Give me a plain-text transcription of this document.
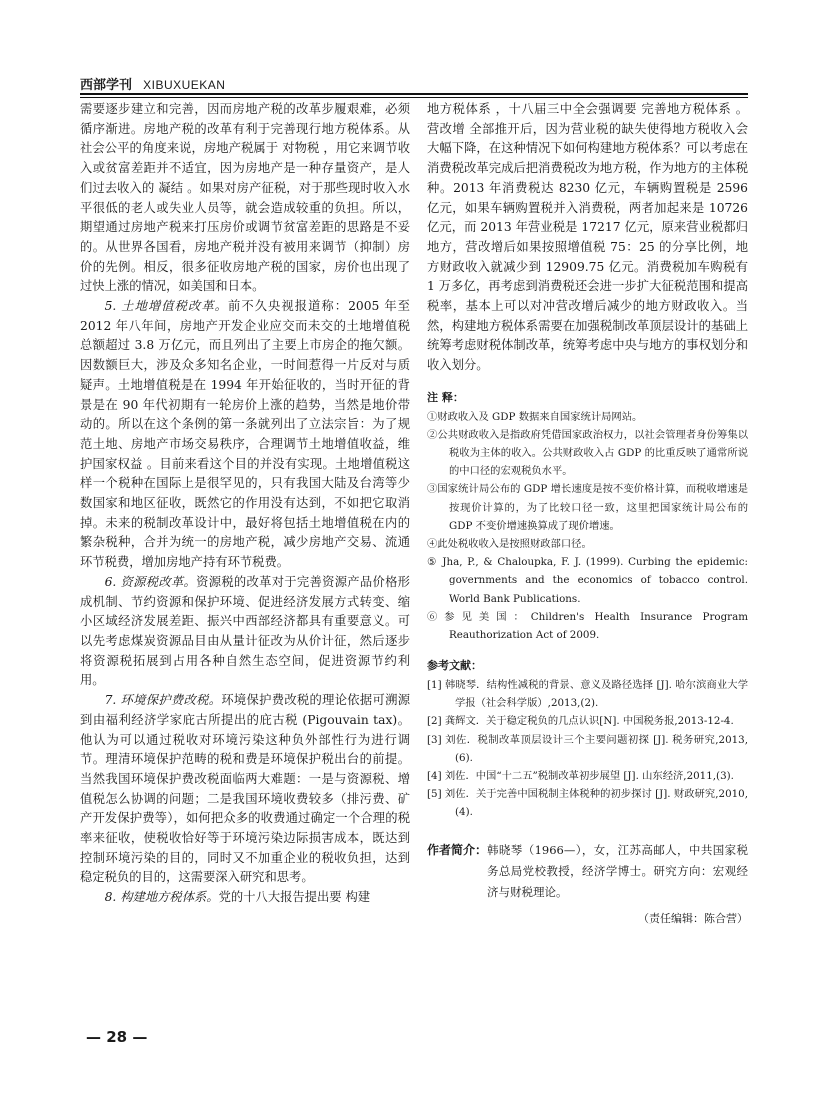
西部学刊 XIBUXUEKAN

需要逐步建立和完善，因而房地产税的改革步履艰难，必须循序渐进。房地产税的改革有利于完善现行地方税体系。从社会公平的角度来说，房地产税属于 对物税 ，用它来调节收入或贫富差距并不适宜，因为房地产是一种存量资产，是人们过去收入的 凝结 。如果对房产征税，对于那些现时收入水平很低的老人或失业人员等，就会造成较重的负担。所以，期望通过房地产税来打压房价或调节贫富差距的思路是不妥的。从世界各国看，房地产税并没有被用来调节（抑制）房价的先例。相反，很多征收房地产税的国家，房价也出现了过快上涨的情况，如美国和日本。

5. 土地增值税改革。前不久央视报道称：2005 年至 2012 年八年间，房地产开发企业应交而未交的土地增值税总额超过 3.8 万亿元，而且列出了主要上市房企的拖欠额。因数额巨大，涉及众多知名企业，一时间惹得一片反对与质疑声。土地增值税是在 1994 年开始征收的，当时开征的背景是在 90 年代初期有一轮房价上涨的趋势，当然是地价带动的。所以在这个条例的第一条就列出了立法宗旨：为了规范土地、房地产市场交易秩序，合理调节土地增值收益，维护国家权益 。目前来看这个目的并没有实现。土地增值税这样一个税种在国际上是很罕见的，只有我国大陆及台湾等少数国家和地区征收，既然它的作用没有达到，不如把它取消掉。未来的税制改革设计中，最好将包括土地增值税在内的繁杂税种，合并为统一的房地产税，减少房地产交易、流通环节税费，增加房地产持有环节税费。

6. 资源税改革。资源税的改革对于完善资源产品价格形成机制、节约资源和保护环境、促进经济发展方式转变、缩小区域经济发展差距、振兴中西部经济都具有重要意义。可以先考虑煤炭资源品目由从量计征改为从价计征，然后逐步将资源税拓展到占用各种自然生态空间，促进资源节约利用。

7. 环境保护费改税。环境保护费改税的理论依据可溯源到由福利经济学家庇古所提出的庇古税 (Pigouvain tax)。他认为可以通过税收对环境污染这种负外部性行为进行调节。理清环境保护范畴的税和费是环境保护税出台的前提。当然我国环境保护费改税面临两大难题：一是与资源税、增值税怎么协调的问题；二是我国环境收费较多（排污费、矿产开发保护费等），如何把众多的收费通过确定一个合理的税率来征收，使税收恰好等于环境污染边际损害成本，既达到控制环境污染的目的，同时又不加重企业的税收负担，达到稳定税负的目的，这需要深入研究和思考。

8. 构建地方税体系。党的十八大报告提出要 构建

地方税体系 ，十八届三中全会强调要 完善地方税体系 。 营改增 全部推开后，因为营业税的缺失使得地方税收入会大幅下降，在这种情况下如何构建地方税体系？可以考虑在消费税改革完成后把消费税改为地方税，作为地方的主体税种。2013 年消费税达 8230 亿元，车辆购置税是 2596 亿元，如果车辆购置税并入消费税，两者加起来是 10726 亿元，而 2013 年营业税是 17217 亿元，原来营业税都归地方，营改增后如果按照增值税 75：25 的分享比例，地方财政收入就减少到 12909.75 亿元。消费税加车购税有 1 万多亿，再考虑到消费税还会进一步扩大征税范围和提高税率，基本上可以对冲营改增后减少的地方财政收入。当然，构建地方税体系需要在加强税制改革顶层设计的基础上统筹考虑财税体制改革，统筹考虑中央与地方的事权划分和收入划分。

注 释：

①财政收入及 GDP 数据来自国家统计局网站。

②公共财政收入是指政府凭借国家政治权力，以社会管理者身份筹集以税收为主体的收入。公共财政收入占 GDP 的比重反映了通常所说的中口径的宏观税负水平。

③国家统计局公布的 GDP 增长速度是按不变价格计算，而税收增速是按现价计算的，为了比较口径一致，这里把国家统计局公布的 GDP 不变价增速换算成了现价增速。

④此处税收收入是按照财政部口径。

⑤ Jha, P., & Chaloupka, F. J. (1999). Curbing the epidemic: governments and the economics of tobacco control. World Bank Publications.

⑥参见美国：Children's Health Insurance Program Reauthorization Act of 2009.

参考文献：

[1] 韩晓琴．结构性减税的背景、意义及路径选择 [J]. 哈尔滨商业大学学报（社会科学版）,2013,(2).

[2] 龚辉文．关于稳定税负的几点认识[N]. 中国税务报,2013-12-4.

[3] 刘佐．税制改革顶层设计三个主要问题初探 [J]. 税务研究,2013,(6).

[4] 刘佐．中国“十二五”税制改革初步展望 [J]. 山东经济,2011,(3).

[5] 刘佐．关于完善中国税制主体税种的初步探讨 [J]. 财政研究,2010,(4).

作者简介： 韩晓琴（1966—），女，江苏高邮人，中共国家税务总局党校教授，经济学博士。研究方向：宏观经济与财税理论。

（责任编辑：陈合营）

— 28 —
